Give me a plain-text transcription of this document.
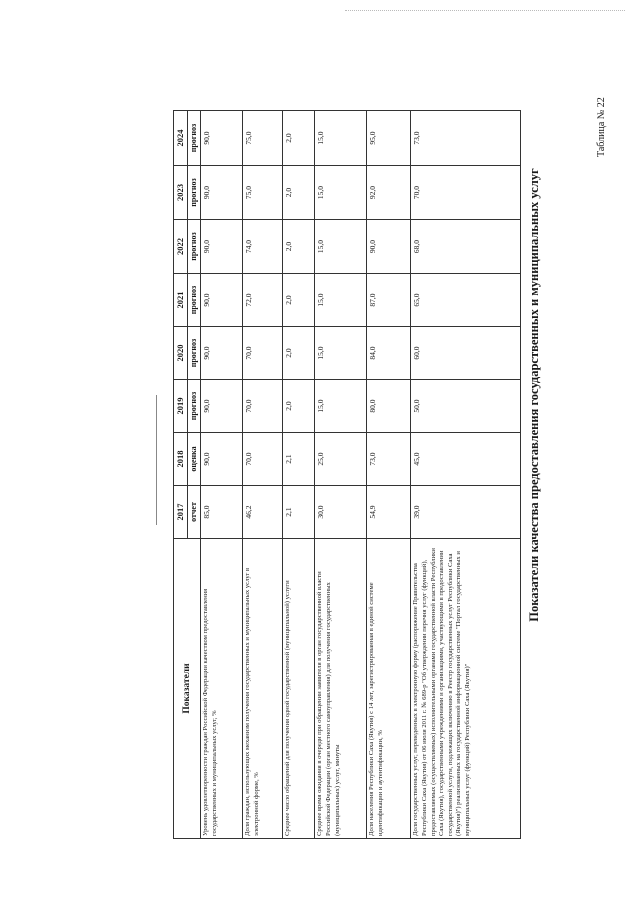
Таблица № 22
Показатели качества предоставления государственных и муниципальных услуг
Показатели	2017	2018	2019	2020	2021	2022	2023	2024
	отчет	оценка	прогноз	прогноз	прогноз	прогноз	прогноз	прогноз
Уровень удовлетворенности граждан Российской Федерации качеством предоставления государственных и муниципальных услуг, %	85,0	90,0	90,0	90,0	90,0	90,0	90,0	90,0
Доля граждан, использующих механизм получения государственных и муниципальных услуг в электронной форме, %	46,2	70,0	70,0	70,0	72,0	74,0	75,0	75,0
Среднее число обращений для получения одной государственной (муниципальной) услуги	2,1	2,1	2,0	2,0	2,0	2,0	2,0	2,0
Среднее время ожидания в очереди при обращении заявителя в орган государственной власти Российской Федерации (орган местного самоуправления) для получения государственных (муниципальных) услуг, минуты	30,0	25,0	15,0	15,0	15,0	15,0	15,0	15,0
Доля населения Республики Саха (Якутия) с 14 лет, зарегистрированная в единой системе идентификации и аутентификации, %	54,9	73,0	80,0	84,0	87,0	90,0	92,0	95,0
Доля государственных услуг, переведенных в электронную форму (распоряжение Правительства Республики Саха (Якутия) от 06 июля 2011 г. № 689-р "Об утверждении перечня услуг (функций), предоставляемых (осуществляемых) исполнительными органами государственной власти Республики Саха (Якутия), государственными учреждениями и организациями, участвующими в предоставлении государственной услуги, подлежащих включению в Реестр государственных услуг Республики Саха (Якутия)") реализованных на государственной информационной системе "Портал государственных и муниципальных услуг (функций) Республики Саха (Якутия)"	39,0	45,0	50,0	60,0	65,0	68,0	70,0	73,0
